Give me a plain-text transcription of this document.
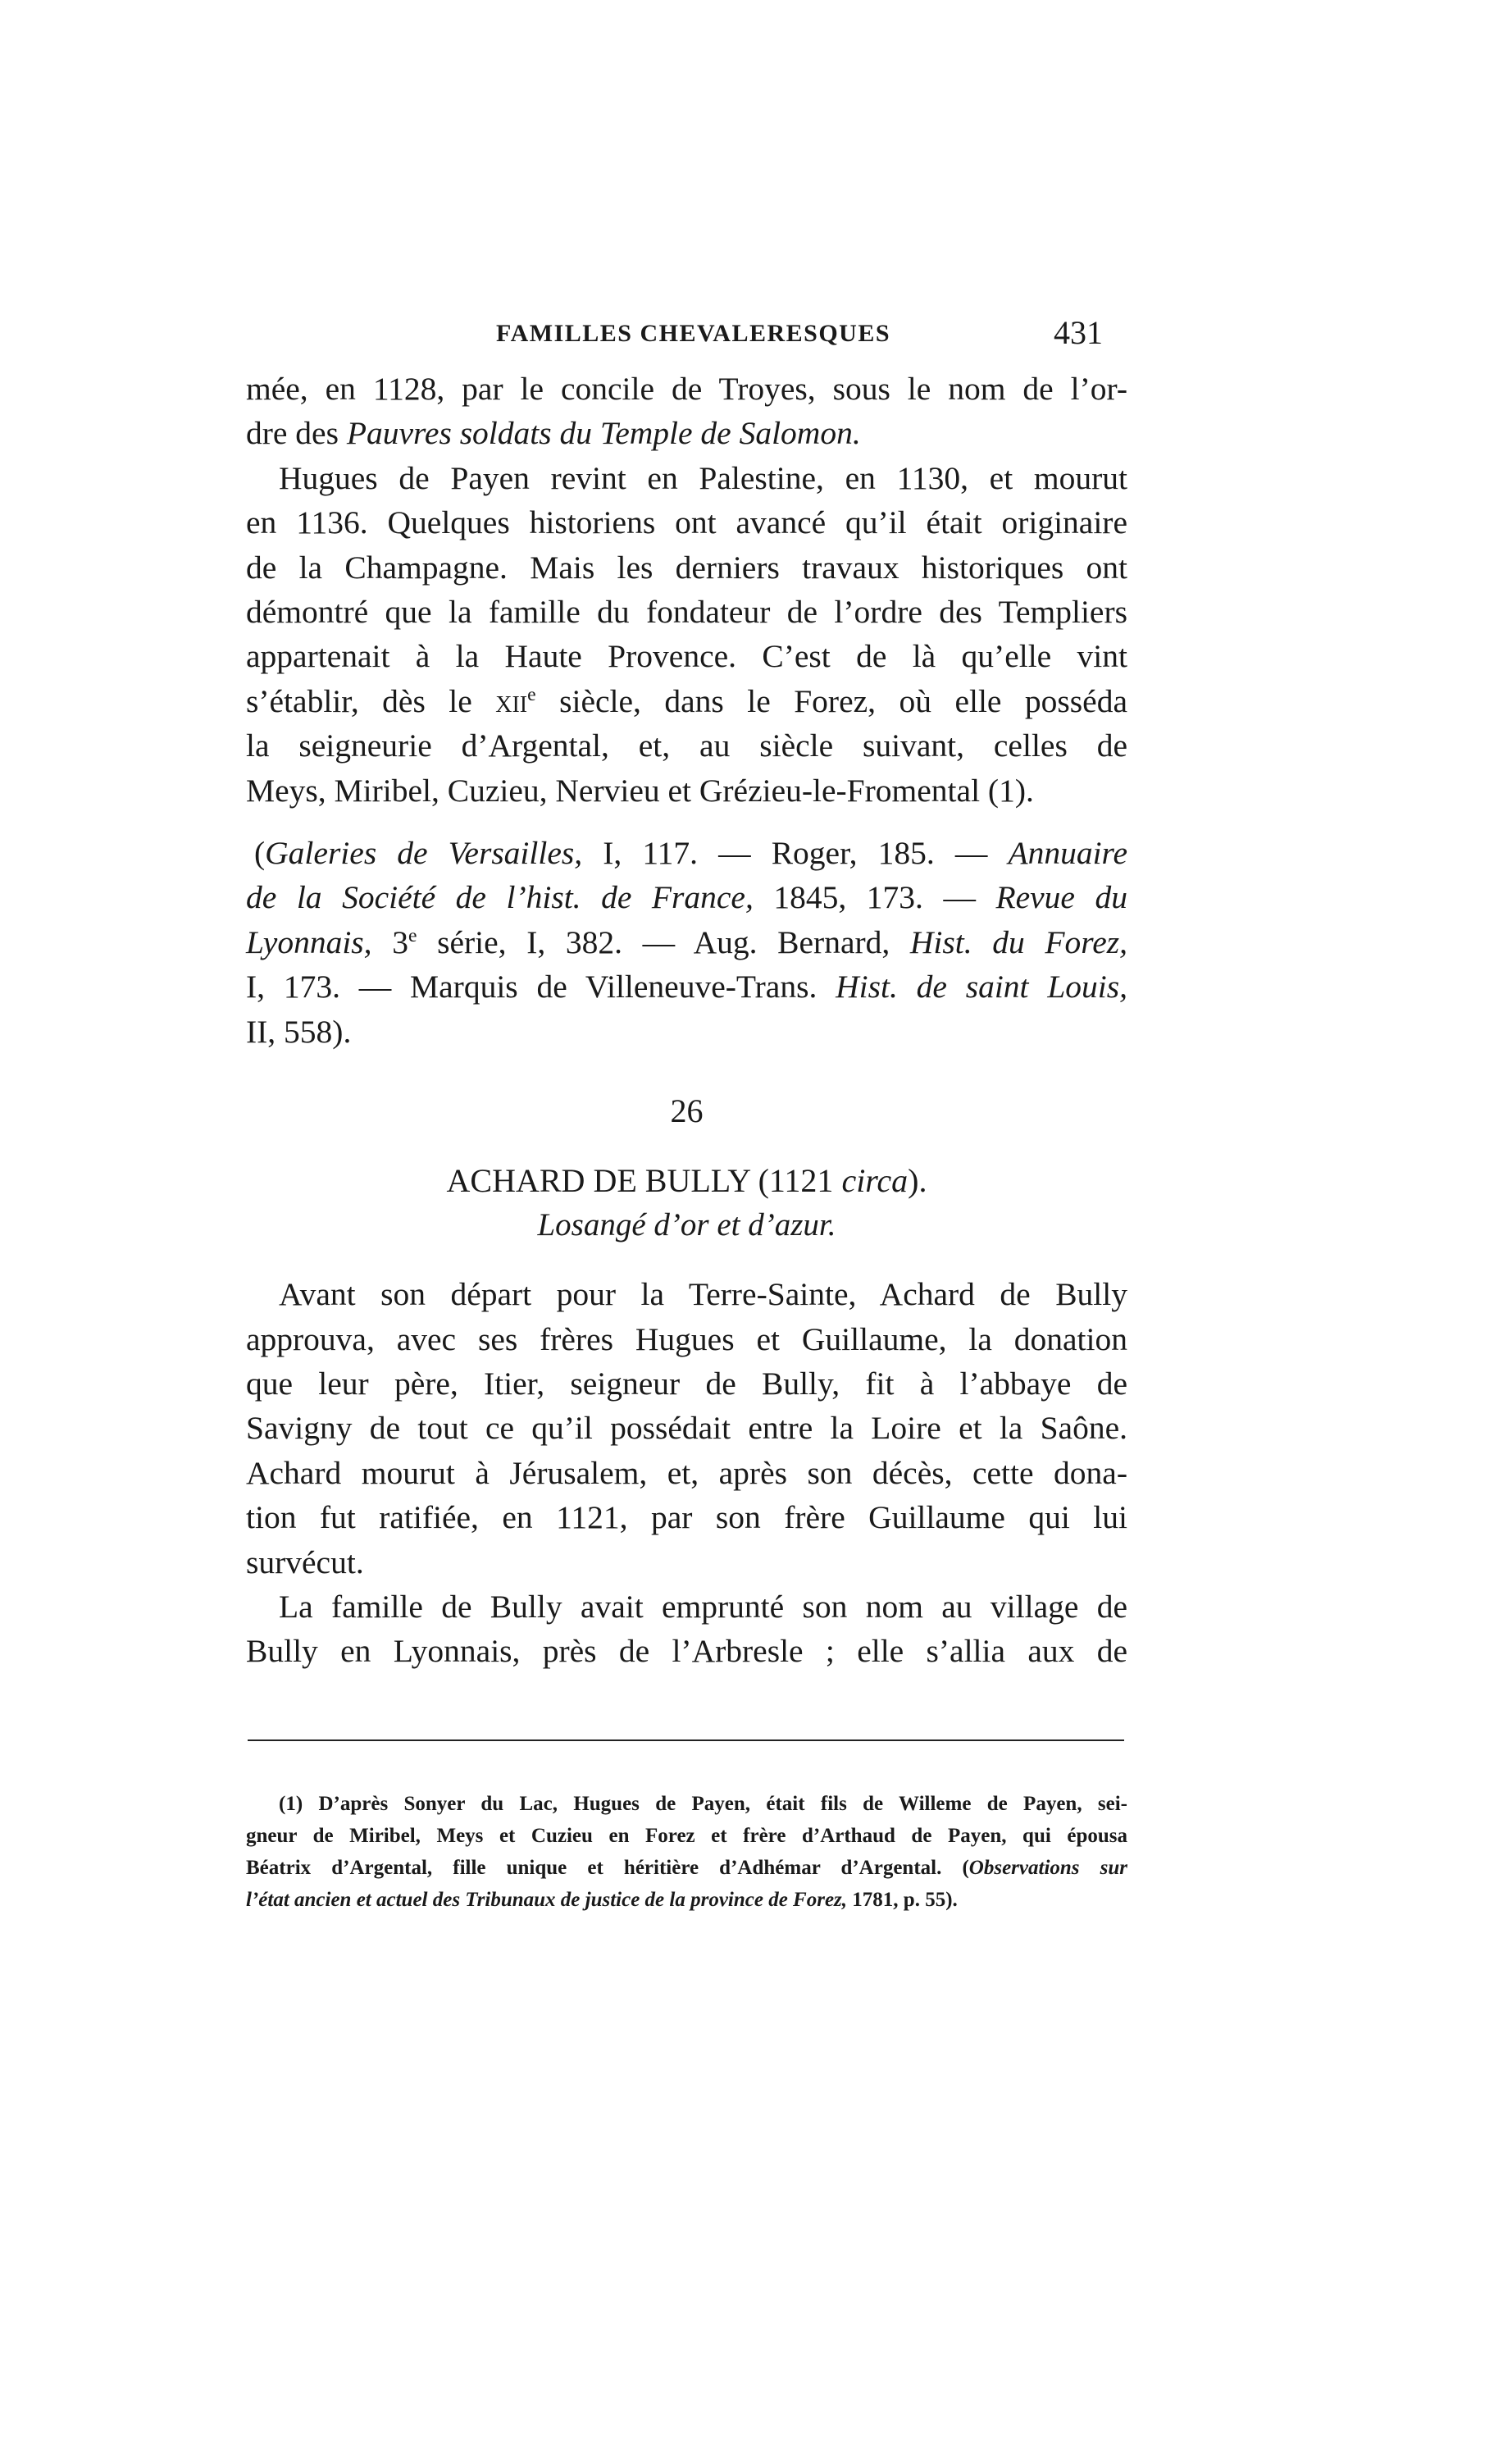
FAMILLES CHEVALERESQUES	431

mée, en 1128, par le concile de Troyes, sous le nom de l’or-
dre des Pauvres soldats du Temple de Salomon.

Hugues de Payen revint en Palestine, en 1130, et mourut
en 1136. Quelques historiens ont avancé qu’il était originaire
de la Champagne. Mais les derniers travaux historiques ont
démontré que la famille du fondateur de l’ordre des Templiers
appartenait à la Haute Provence. C’est de là qu’elle vint
s’établir, dès le xii$^e$ siècle, dans le Forez, où elle posséda
la seigneurie d’Argental, et, au siècle suivant, celles de
Meys, Miribel, Cuzieu, Nervieu et Grézieu-le-Fromental (1).

(Galeries de Versailles, I, 117. — Roger, 185. — Annuaire
de la Société de l’hist. de France, 1845, 173. — Revue du
Lyonnais, 3e série, I, 382. — Aug. Bernard, Hist. du Forez,
I, 173. — Marquis de Villeneuve-Trans. Hist. de saint Louis,
II, 558).

26
ACHARD DE BULLY (1121 circa).
Losangé d’or et d’azur.

Avant son départ pour la Terre-Sainte, Achard de Bully
approuva, avec ses frères Hugues et Guillaume, la donation
que leur père, Itier, seigneur de Bully, fit à l’abbaye de
Savigny de tout ce qu’il possédait entre la Loire et la Saône.
Achard mourut à Jérusalem, et, après son décès, cette dona-
tion fut ratifiée, en 1121, par son frère Guillaume qui lui
survécut.

La famille de Bully avait emprunté son nom au village de
Bully en Lyonnais, près de l’Arbresle ; elle s’allia aux de

(1) D’après Sonyer du Lac, Hugues de Payen, était fils de Willeme de Payen, sei-
gneur de Miribel, Meys et Cuzieu en Forez et frère d’Arthaud de Payen, qui épousa
Béatrix d’Argental, fille unique et héritière d’Adhémar d’Argental. (Observations sur
l’état ancien et actuel des Tribunaux de justice de la province de Forez, 1781, p. 55).
